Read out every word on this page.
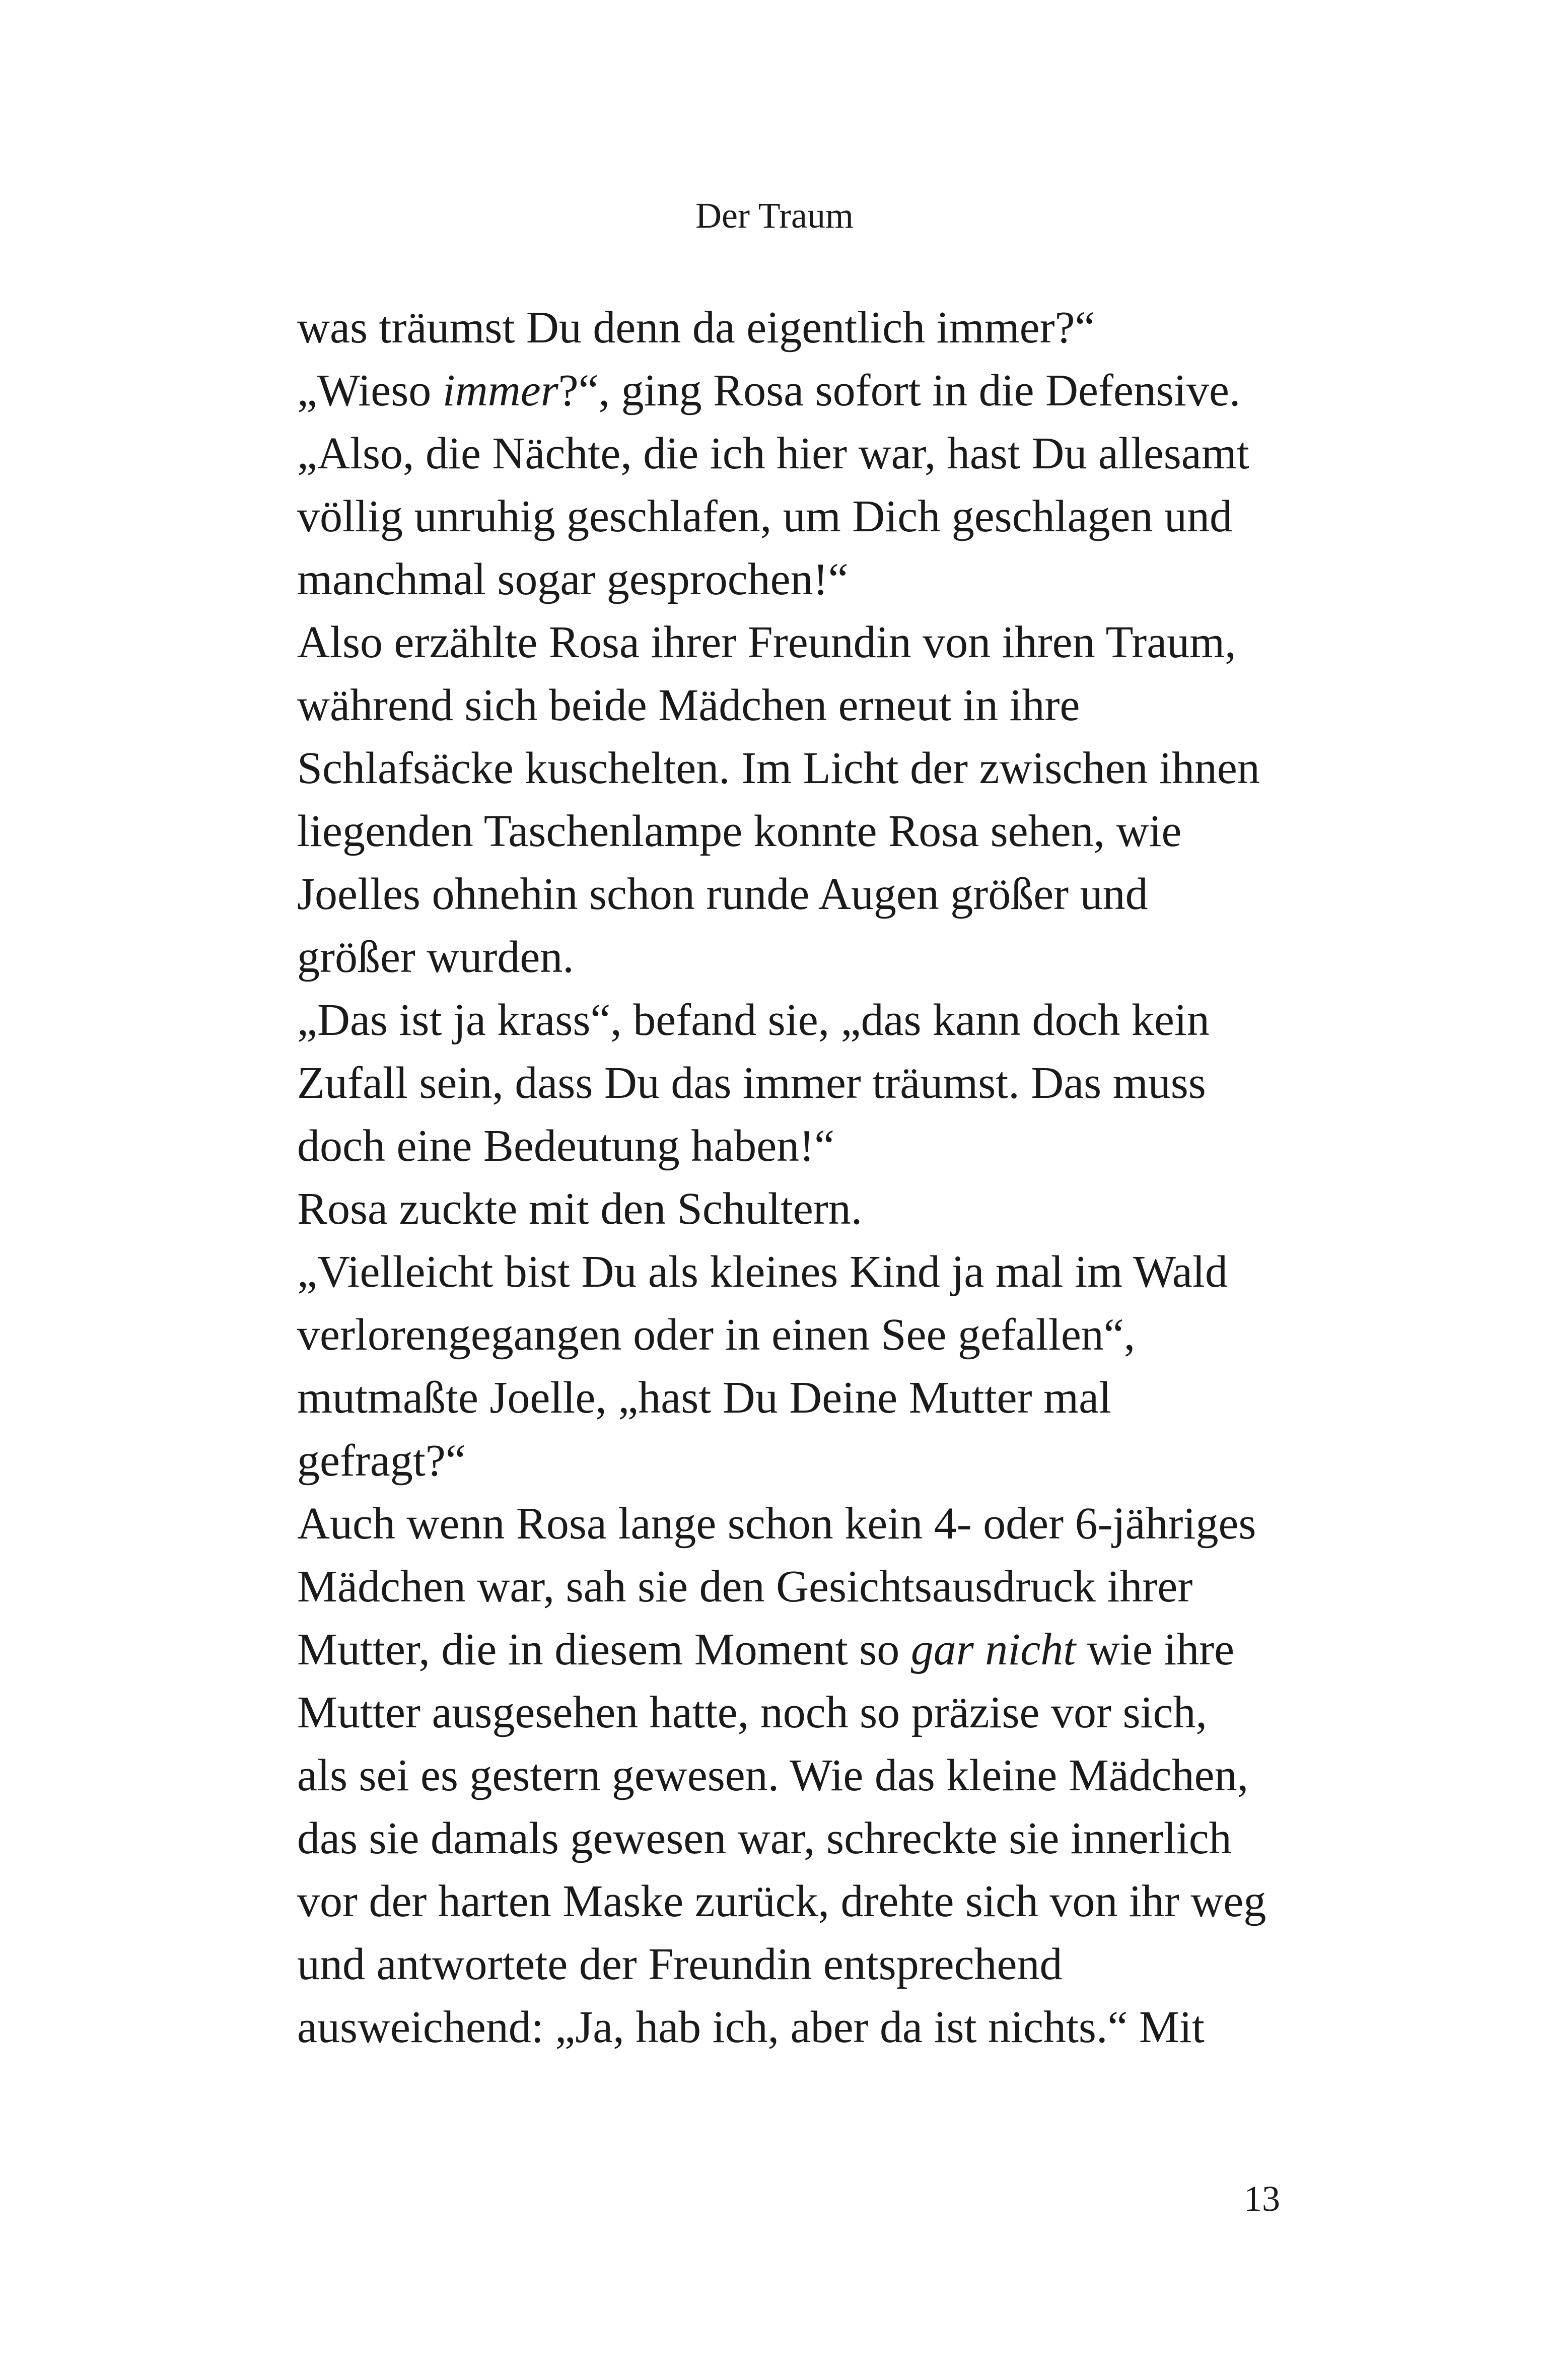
Der Traum
was träumst Du denn da eigentlich immer?“
„Wieso immer?“, ging Rosa sofort in die Defensive.
„Also, die Nächte, die ich hier war, hast Du allesamt
völlig unruhig geschlafen, um Dich geschlagen und
manchmal sogar gesprochen!“
Also erzählte Rosa ihrer Freundin von ihren Traum,
während sich beide Mädchen erneut in ihre
Schlafsäcke kuschelten. Im Licht der zwischen ihnen
liegenden Taschenlampe konnte Rosa sehen, wie
Joelles ohnehin schon runde Augen größer und
größer wurden.
„Das ist ja krass“, befand sie, „das kann doch kein
Zufall sein, dass Du das immer träumst. Das muss
doch eine Bedeutung haben!“
Rosa zuckte mit den Schultern.
„Vielleicht bist Du als kleines Kind ja mal im Wald
verlorengegangen oder in einen See gefallen“,
mutmaßte Joelle, „hast Du Deine Mutter mal
gefragt?“
Auch wenn Rosa lange schon kein 4- oder 6-jähriges
Mädchen war, sah sie den Gesichtsausdruck ihrer
Mutter, die in diesem Moment so gar nicht wie ihre
Mutter ausgesehen hatte, noch so präzise vor sich,
als sei es gestern gewesen. Wie das kleine Mädchen,
das sie damals gewesen war, schreckte sie innerlich
vor der harten Maske zurück, drehte sich von ihr weg
und antwortete der Freundin entsprechend
ausweichend: „Ja, hab ich, aber da ist nichts.“ Mit
13
